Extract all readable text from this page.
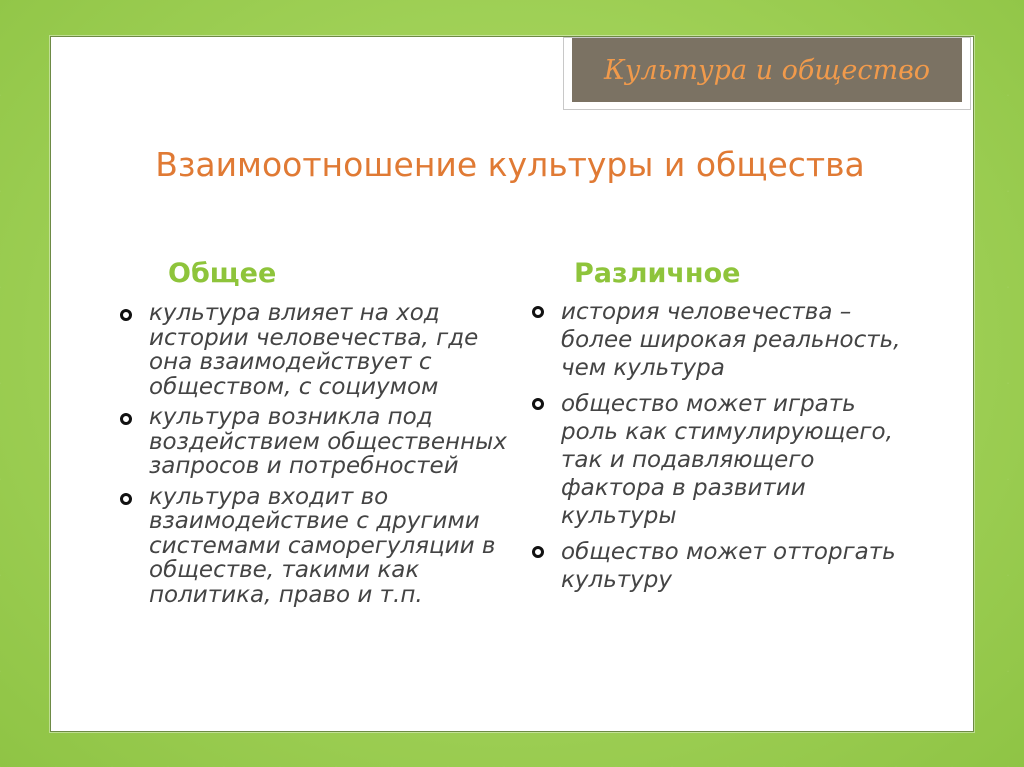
Культура и общество
Взаимоотношение культуры и общества
Общее	Различное
культура влияет на ход истории человечества, где она взаимодействует с обществом, с социумом
культура возникла под воздействием общественных запросов и потребностей
культура входит во взаимодействие с другими системами саморегуляции в обществе, такими как политика, право и т.п.
история человечества – более широкая реальность, чем культура
общество может играть роль как стимулирующего, так и подавляющего фактора в развитии культуры
общество может отторгать культуру
